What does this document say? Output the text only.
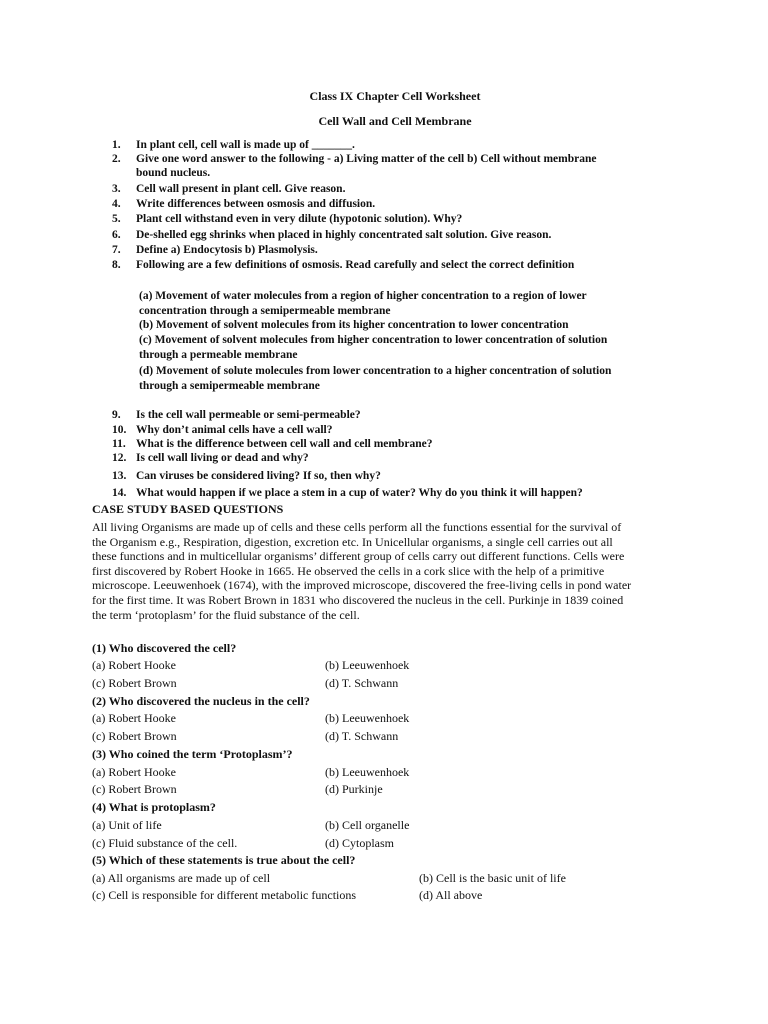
Class IX Chapter Cell Worksheet
Cell Wall and Cell Membrane
1. In plant cell, cell wall is made up of _______.
2. Give one word answer to the following - a) Living matter of the cell b) Cell without membrane
bound nucleus.
3. Cell wall present in plant cell. Give reason.
4. Write differences between osmosis and diffusion.
5. Plant cell withstand even in very dilute (hypotonic solution). Why?
6. De-shelled egg shrinks when placed in highly concentrated salt solution. Give reason.
7. Define a) Endocytosis b) Plasmolysis.
8. Following are a few definitions of osmosis. Read carefully and select the correct definition
(a) Movement of water molecules from a region of higher concentration to a region of lower
concentration through a semipermeable membrane
(b) Movement of solvent molecules from its higher concentration to lower concentration
(c) Movement of solvent molecules from higher concentration to lower concentration of solution
through a permeable membrane
(d) Movement of solute molecules from lower concentration to a higher concentration of solution
through a semipermeable membrane
9. Is the cell wall permeable or semi-permeable?
10. Why don’t animal cells have a cell wall?
11. What is the difference between cell wall and cell membrane?
12. Is cell wall living or dead and why?
13. Can viruses be considered living? If so, then why?
14. What would happen if we place a stem in a cup of water? Why do you think it will happen?
CASE STUDY BASED QUESTIONS
All living Organisms are made up of cells and these cells perform all the functions essential for the survival of
the Organism e.g., Respiration, digestion, excretion etc. In Unicellular organisms, a single cell carries out all
these functions and in multicellular organisms’ different group of cells carry out different functions. Cells were
first discovered by Robert Hooke in 1665. He observed the cells in a cork slice with the help of a primitive
microscope. Leeuwenhoek (1674), with the improved microscope, discovered the free-living cells in pond water
for the first time. It was Robert Brown in 1831 who discovered the nucleus in the cell. Purkinje in 1839 coined
the term ‘protoplasm’ for the fluid substance of the cell.
(1) Who discovered the cell?
(a) Robert Hooke	(b) Leeuwenhoek
(c) Robert Brown	(d) T. Schwann
(2) Who discovered the nucleus in the cell?
(a) Robert Hooke	(b) Leeuwenhoek
(c) Robert Brown	(d) T. Schwann
(3) Who coined the term ‘Protoplasm’?
(a) Robert Hooke	(b) Leeuwenhoek
(c) Robert Brown	(d) Purkinje
(4) What is protoplasm?
(a) Unit of life	(b) Cell organelle
(c) Fluid substance of the cell.	(d) Cytoplasm
(5) Which of these statements is true about the cell?
(a) All organisms are made up of cell	(b) Cell is the basic unit of life
(c) Cell is responsible for different metabolic functions	(d) All above
